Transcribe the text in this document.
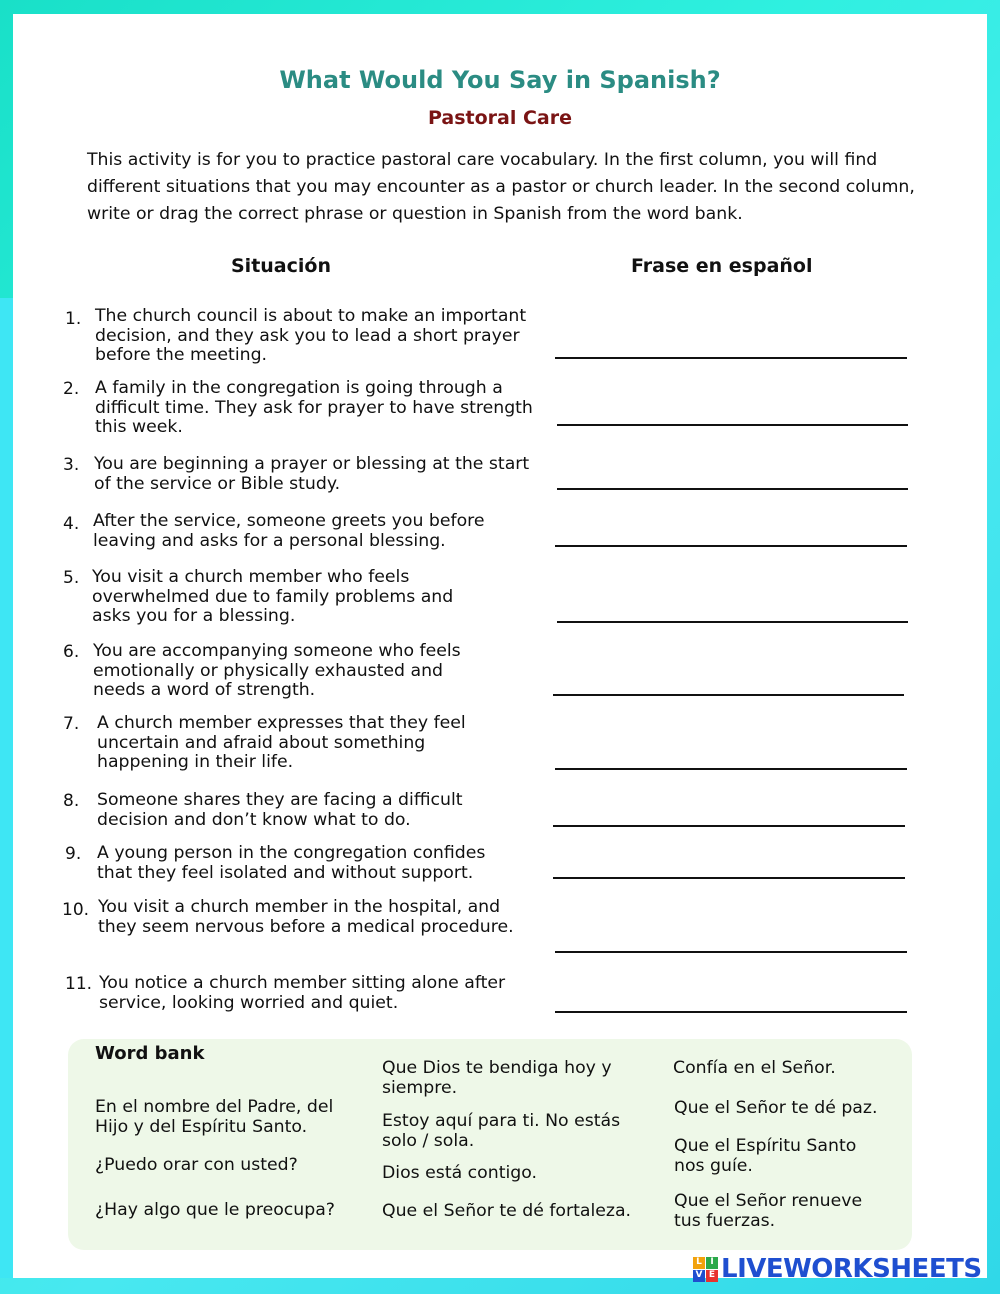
What Would You Say in Spanish?
Pastoral Care
This activity is for you to practice pastoral care vocabulary. In the first column, you will find different situations that you may encounter as a pastor or church leader. In the second column, write or drag the correct phrase or question in Spanish from the word bank.
Situación	Frase en español
1. The church council is about to make an important decision, and they ask you to lead a short prayer before the meeting.
2. A family in the congregation is going through a difficult time. They ask for prayer to have strength this week.
3. You are beginning a prayer or blessing at the start of the service or Bible study.
4. After the service, someone greets you before leaving and asks for a personal blessing.
5. You visit a church member who feels overwhelmed due to family problems and asks you for a blessing.
6. You are accompanying someone who feels emotionally or physically exhausted and needs a word of strength.
7. A church member expresses that they feel uncertain and afraid about something happening in their life.
8. Someone shares they are facing a difficult decision and don’t know what to do.
9. A young person in the congregation confides that they feel isolated and without support.
10. You visit a church member in the hospital, and they seem nervous before a medical procedure.
11. You notice a church member sitting alone after service, looking worried and quiet.
Word bank
En el nombre del Padre, del Hijo y del Espíritu Santo.
¿Puedo orar con usted?
¿Hay algo que le preocupa?
Que Dios te bendiga hoy y siempre.
Estoy aquí para ti. No estás solo / sola.
Dios está contigo.
Que el Señor te dé fortaleza.
Confía en el Señor.
Que el Señor te dé paz.
Que el Espíritu Santo nos guíe.
Que el Señor renueve tus fuerzas.
L I
V E LIVEWORKSHEETS
